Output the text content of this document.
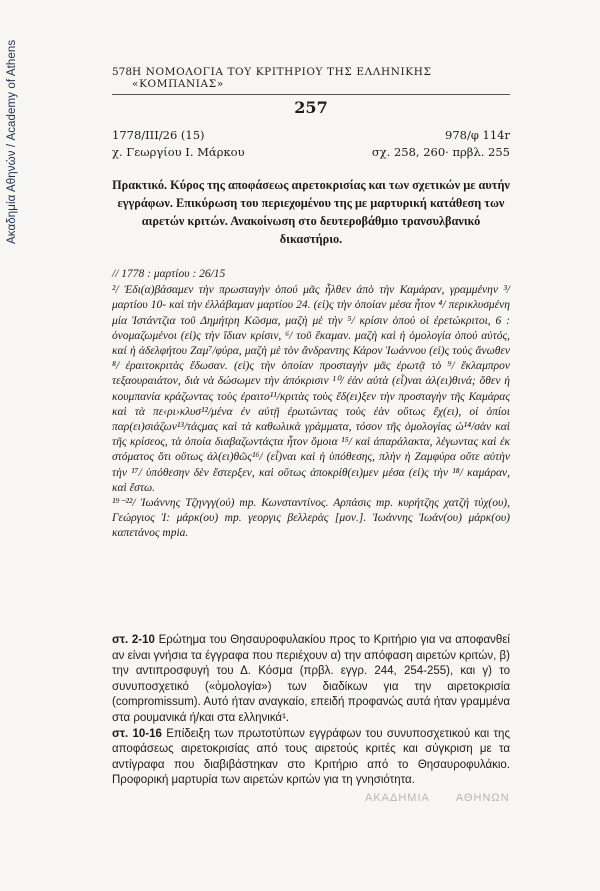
Ακαδημία Αθηνών / Academy of Athens	578 Η ΝΟΜΟΛΟΓΙΑ ΤΟΥ ΚΡΙΤΗΡΙΟΥ ΤΗΣ ΕΛΛΗΝΙΚΗΣ «ΚΟΜΠΑΝΙΑΣ»
257
1778/III/26 (15)	978/φ 114r
χ. Γεωργίου Ι. Μάρκου	σχ. 258, 260· πρβλ. 255
Πρακτικό. Κύρος της αποφάσεως αιρετοκρισίας και των σχετικών με αυτήν εγγράφων. Επικύρωση του περιεχομένου της με μαρτυρική κατάθεση των αιρετών κριτών. Ανακοίνωση στο δευτεροβάθμιο τρανσυλβανικό δικαστήριο.

// 1778 : μαρτίου : 26/15

²/ Ἐδι(α)βάσαμεν τὴν πρωσταγὴν ὁπού μᾶς ἦλθεν ἀπὸ τὴν Καμάραν, γραμμένην ³/ μαρτίου 10- καὶ τὴν ἐλλάβαμαν μαρτίου 24. (εἰ)ς τὴν ὁποίαν μέσα ἦτον ⁴/ περικλυσμένη μία Ἰστάντζια τοῦ Δημήτρη Κῶσμα, μαζὴ μὲ τὴν ⁵/ κρίσιν ὁπού οἱ ἐρετώκριτοι, 6 : ὀνομαζωμένοι (εἰ)ς τὴν ἴδιαν κρίσιν, ⁶/ τοῦ ἔκαμαν. μαζὴ καὶ ἡ ὁμολογία ὁπού αὐτός, καί ἡ ἀδελφήτου Ζαμ⁷/φύρα, μαζὴ μὲ τὸν ἄνδραντης Κάρον Ἰωάννου (εἰ)ς τοὺς ἄνωθεν ⁸/ ἐραιτοκριτὰς ἔδωσαν. (εἰ)ς τὴν ὁποίαν προσταγὴν μᾶς ἐρωτᾷ τὸ ⁹/ ἔκλαμπρον τεξαουραιάτον, διὰ νὰ δώσωμεν τὴν ἀπόκρισιν ¹⁰/ ἐὰν αὐτὰ (εἶ)ναι ἀλ(ει)θινά; ὅθεν ἡ κουμπανία κράζωντας τοὺς ἐραιτο¹¹/κριτὰς τοὺς ἔδ(ει)ξεν τὴν προσταγὴν τῆς Καμάρας καὶ τὰ πε‹ρι›κλυσ¹²/μένα ἐν αὐτῇ ἐρωτώντας τοὺς ἐὰν οὕτως ἔχ(ει), οἱ ὁπίοι παρ(ει)σιάζων¹³/τάςμας καὶ τὰ καθωλικὰ γράμματα, τόσον τῆς ὁμολογίας ὡ¹⁴/σὰν καὶ τῆς κρίσεος, τὰ ὁποία διαβαζωντάςτα ἦτον ὅμοια ¹⁵/ καὶ ἀπαράλακτα, λέγωντας καὶ ἐκ στόματος ὅτι οὕτως ἀλ(ει)θῶς¹⁶/ (εἶ)ναι καὶ ἡ ὑπόθεσης, πλὴν ἡ Ζαμφύρα οὔτε αὐτὴν τὴν ¹⁷/ ὑπόθεσην δὲν ἔστερξεν, καὶ οὕτως ἀποκρίθ(ει)μεν μέσα (εἰ)ς τὴν ¹⁸/ καμάραν, καὶ ἔστω.

¹⁹⁻²²/ Ἰωάννης Τζηνγγ(ού) mp. Κωνσταντίνος. Αρπάσις mp. κυρήτζης χατζή τύχ(ου), Γεώργιος Ἰ: μάρκ(ου) mp. γεοργις βελλερὰς [μον.]. Ἰωάννης Ἰωάν(ου) μάρκ(ου) καπετάνος mpia.

στ. 2-10 Ερώτημα του Θησαυροφυλακίου προς το Κριτήριο για να αποφανθεί αν είναι γνήσια τα έγγραφα που περιέχουν α) την απόφαση αιρετών κριτών, β) την αντιπροσφυγή του Δ. Κόσμα (πρβλ. εγγρ. 244, 254-255), και γ) το συνυποσχετικό («ὁμολογία») των διαδίκων για την αιρετοκρισία (compromissum). Αυτό ήταν αναγκαίο, επειδή προφανώς αυτά ήταν γραμμένα στα ρουμανικά ή/και στα ελληνικά¹.

στ. 10-16 Επίδειξη των πρωτοτύπων εγγράφων του συνυποσχετικού και της αποφάσεως αιρετοκρισίας από τους αιρετούς κριτές και σύγκριση με τα αντίγραφα που διαβιβάστηκαν στο Κριτήριο από το Θησαυροφυλάκιο. Προφορική μαρτυρία των αιρετών κριτών για τη γνησιότητα.

ΑΚΑΔΗΜΙΑ ΑΘΗΝΩΝ
